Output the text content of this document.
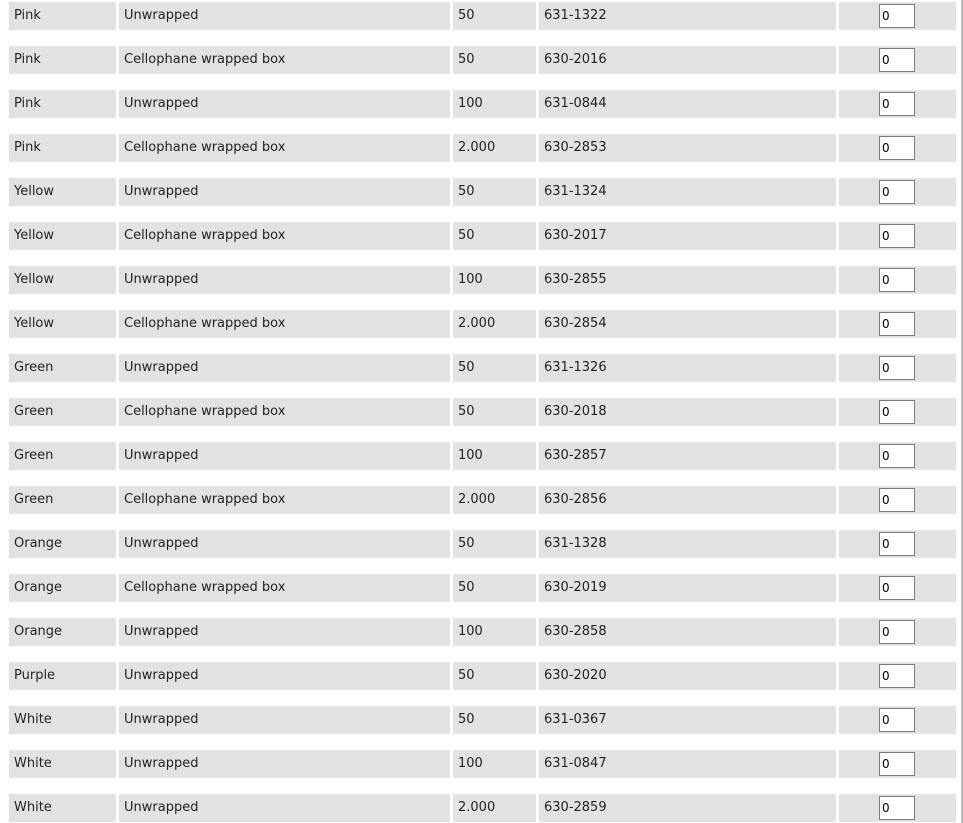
Pink	Unwrapped	50	631-1322
0
Pink	Cellophane wrapped box	50	630-2016
0
Pink	Unwrapped	100	631-0844
0
Pink	Cellophane wrapped box	2.000	630-2853
0
Yellow	Unwrapped	50	631-1324
0
Yellow	Cellophane wrapped box	50	630-2017
0
Yellow	Unwrapped	100	630-2855
0
Yellow	Cellophane wrapped box	2.000	630-2854
0
Green	Unwrapped	50	631-1326
0
Green	Cellophane wrapped box	50	630-2018
0
Green	Unwrapped	100	630-2857
0
Green	Cellophane wrapped box	2.000	630-2856
0
Orange	Unwrapped	50	631-1328
0
Orange	Cellophane wrapped box	50	630-2019
0
Orange	Unwrapped	100	630-2858
0
Purple	Unwrapped	50	630-2020
0
White	Unwrapped	50	631-0367
0
White	Unwrapped	100	631-0847
0
White	Unwrapped	2.000	630-2859
0
